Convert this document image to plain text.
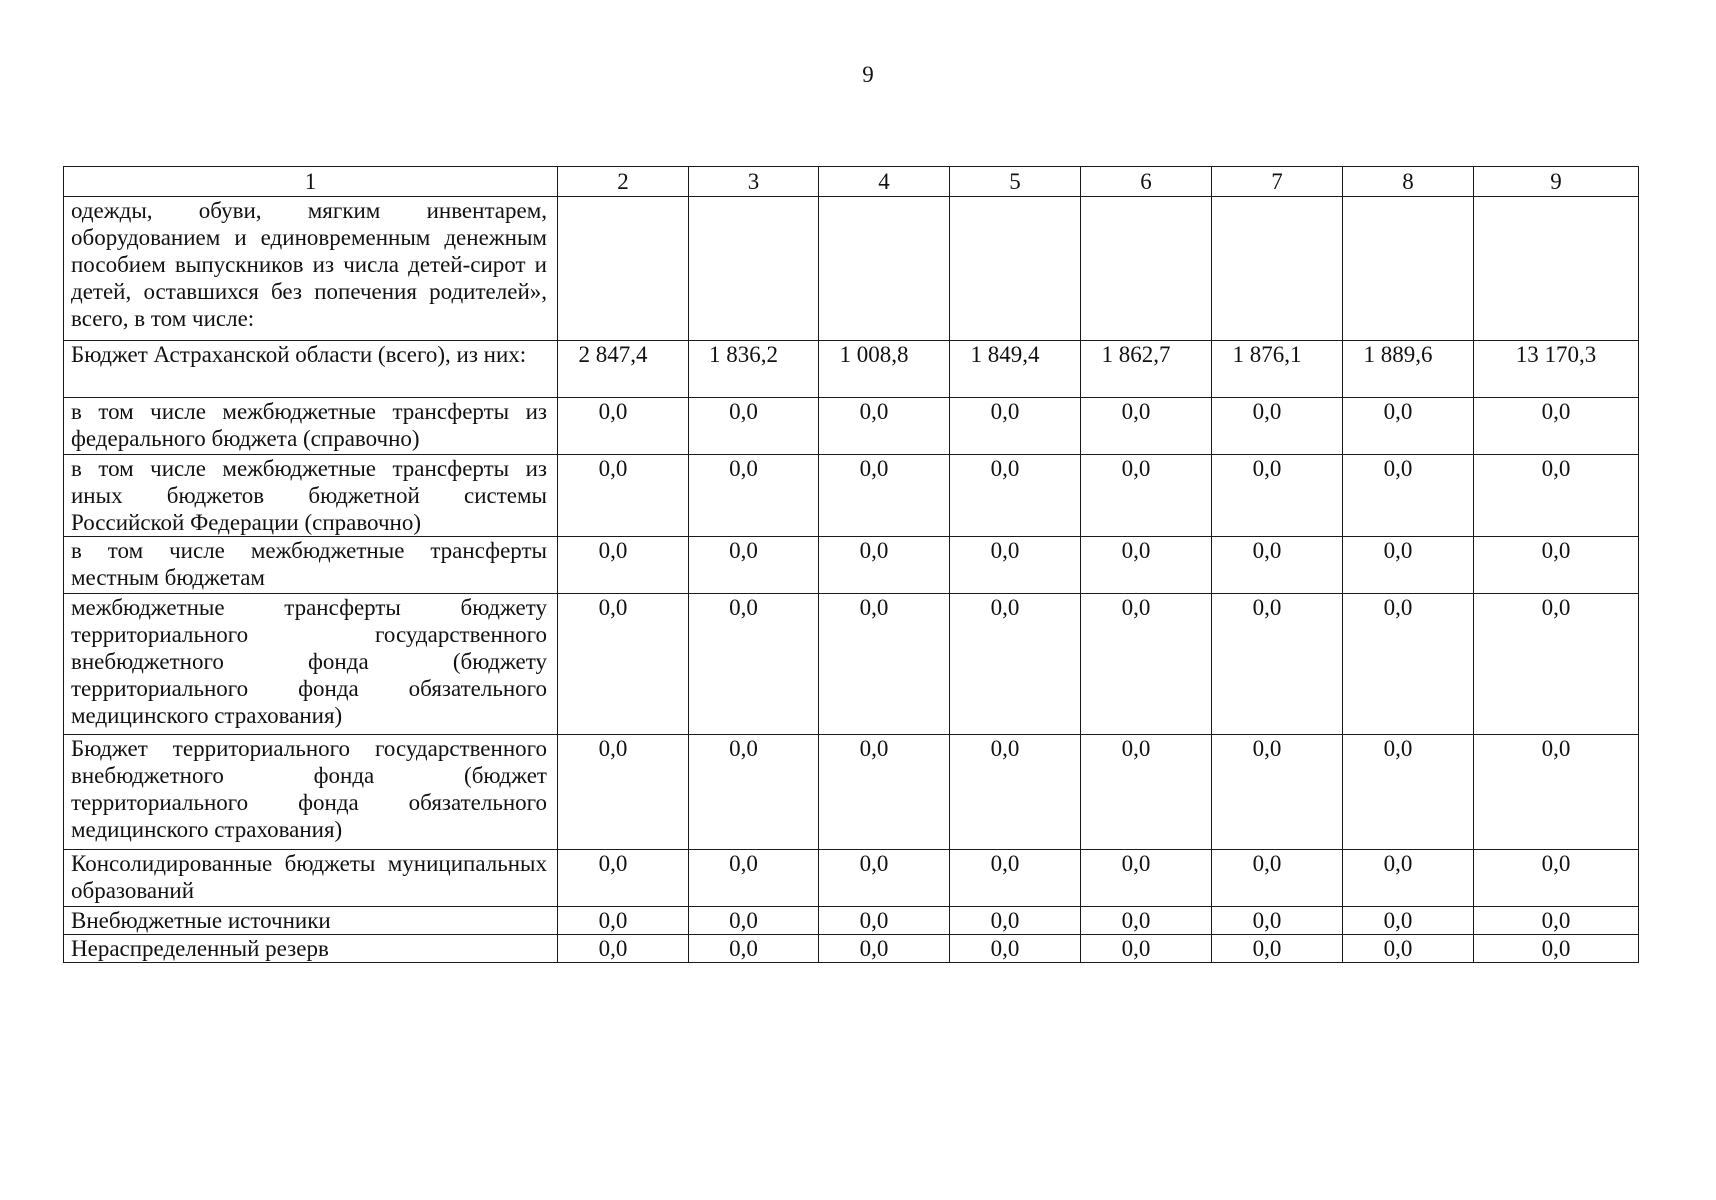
9
1	2	3	4	5	6	7	8	9
одежды, обуви, мягким инвентарем, оборудованием и единовременным денежным пособием выпускников из числа детей-сирот и детей, оставшихся без попечения родителей», всего, в том числе:								
Бюджет Астраханской области (всего), из них:	2 847,4	1 836,2	1 008,8	1 849,4	1 862,7	1 876,1	1 889,6	13 170,3
в том числе межбюджетные трансферты из федерального бюджета (справочно)	0,0	0,0	0,0	0,0	0,0	0,0	0,0	0,0
в том числе межбюджетные трансферты из иных бюджетов бюджетной системы Российской Федерации (справочно)	0,0	0,0	0,0	0,0	0,0	0,0	0,0	0,0
в том числе межбюджетные трансферты местным бюджетам	0,0	0,0	0,0	0,0	0,0	0,0	0,0	0,0
межбюджетные трансферты бюджету территориального государственного внебюджетного фонда (бюджету территориального фонда обязательного медицинского страхования)	0,0	0,0	0,0	0,0	0,0	0,0	0,0	0,0
Бюджет территориального государственного внебюджетного фонда (бюджет территориального фонда обязательного медицинского страхования)	0,0	0,0	0,0	0,0	0,0	0,0	0,0	0,0
Консолидированные бюджеты муниципальных образований	0,0	0,0	0,0	0,0	0,0	0,0	0,0	0,0
Внебюджетные источники	0,0	0,0	0,0	0,0	0,0	0,0	0,0	0,0
Нераспределенный резерв	0,0	0,0	0,0	0,0	0,0	0,0	0,0	0,0
